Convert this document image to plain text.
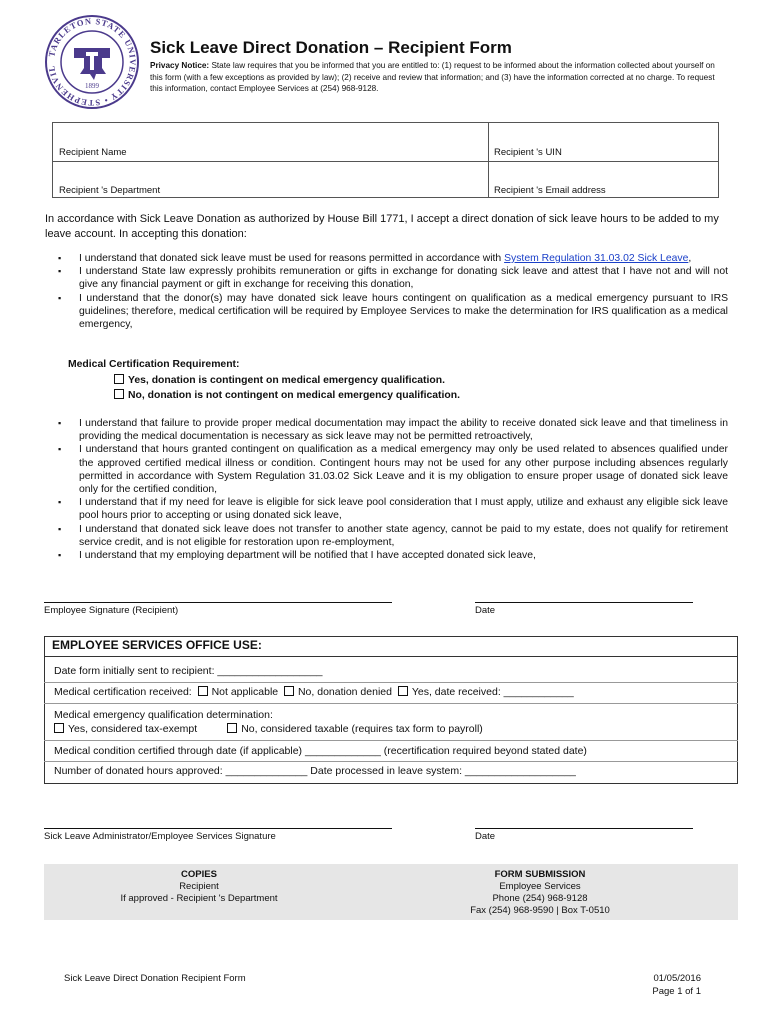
TARLETON STATE UNIVERSITY • STEPHENVIL
1899
Sick Leave Direct Donation – Recipient Form
Privacy Notice: State law requires that you be informed that you are entitled to: (1) request to be informed about the information collected about yourself on this form (with a few exceptions as provided by law); (2) receive and review that information; and (3) have the information corrected at no charge. To request this information, contact Employee Services at (254) 968-9128.
Recipient Name	Recipient 's UIN
Recipient 's Department	Recipient 's Email address
In accordance with Sick Leave Donation as authorized by House Bill 1771, I accept a direct donation of sick leave hours to be added to my leave account. In accepting this donation:
▪ I understand that donated sick leave must be used for reasons permitted in accordance with System Regulation 31.03.02 Sick Leave,
▪ I understand State law expressly prohibits remuneration or gifts in exchange for donating sick leave and attest that I have not and will not give any financial payment or gift in exchange for receiving this donation,
▪ I understand that the donor(s) may have donated sick leave hours contingent on qualification as a medical emergency pursuant to IRS guidelines; therefore, medical certification will be required by Employee Services to make the determination for IRS qualification as a medical emergency,
Medical Certification Requirement:
Yes, donation is contingent on medical emergency qualification.
No, donation is not contingent on medical emergency qualification.
▪ I understand that failure to provide proper medical documentation may impact the ability to receive donated sick leave and that timeliness in providing the medical documentation is necessary as sick leave may not be permitted retroactively,
▪ I understand that hours granted contingent on qualification as a medical emergency may only be used related to absences qualified under the approved certified medical illness or condition. Contingent hours may not be used for any other purpose including absences regularly permitted in accordance with System Regulation 31.03.02 Sick Leave and it is my obligation to ensure proper usage of donated sick leave only for the certified condition,
▪ I understand that if my need for leave is eligible for sick leave pool consideration that I must apply, utilize and exhaust any eligible sick leave pool hours prior to accepting or using donated sick leave,
▪ I understand that donated sick leave does not transfer to another state agency, cannot be paid to my estate, does not qualify for retirement service credit, and is not eligible for restoration upon re-employment,
▪ I understand that my employing department will be notified that I have accepted donated sick leave,
Employee Signature (Recipient)	Date
EMPLOYEE SERVICES OFFICE USE:
Date form initially sent to recipient: __________________
Medical certification received: Not applicable No, donation denied Yes, date received: ____________
Medical emergency qualification determination:
Yes, considered tax-exempt	No, considered taxable (requires tax form to payroll)
Medical condition certified through date (if applicable) _____________ (recertification required beyond stated date)
Number of donated hours approved: ______________ Date processed in leave system: ___________________
Sick Leave Administrator/Employee Services Signature	Date
COPIES
Recipient
If approved - Recipient 's Department
FORM SUBMISSION
Employee Services
Phone (254) 968-9128
Fax (254) 968-9590 | Box T-0510
Sick Leave Direct Donation Recipient Form	01/05/2016
Page 1 of 1
